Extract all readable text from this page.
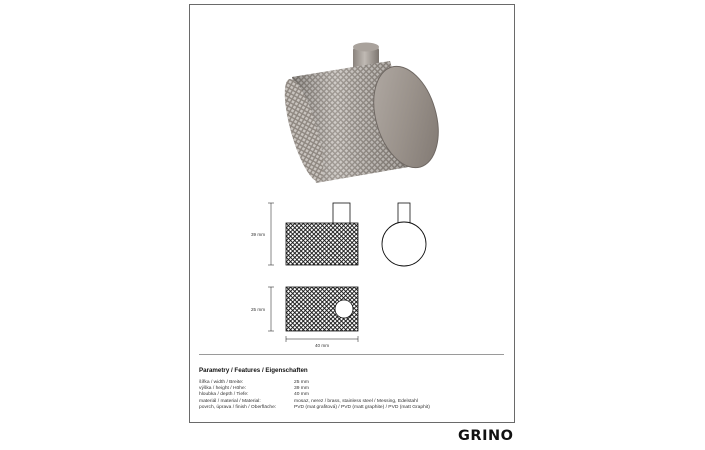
39 mm
25 mm
40 mm
Parametry / Features / Eigenschaften
šířka / width / Breite:	25 mm
výška / height / Höhe:	39 mm
hloubka / depth / Tiefe:	40 mm
materiál / material / Material:	mosaz, nerez / brass, stainless steel / Messing, Edelstahl
povrch, úprava / finish / Oberfläche:	PVD (mat grafitová) / PVD (matt graphite) / PVD (matt Graphit)
GRINO
